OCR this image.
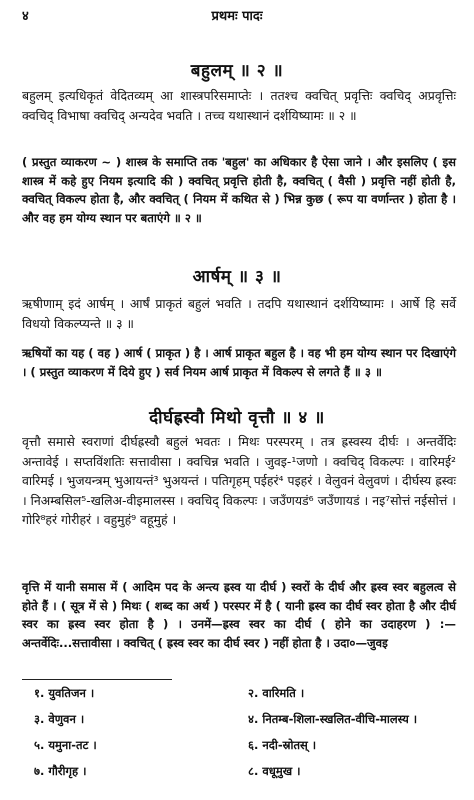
४	प्रथमः पादः
बहुलम् ॥ २ ॥
बहुलम् इत्यधिकृतं वेदितव्यम् आ शास्त्रपरिसमाप्तेः । ततश्च क्वचित् प्रवृत्तिः क्वचिद् अप्रवृत्तिः क्वचिद् विभाषा क्वचिद् अन्यदेव भवति । तच्च यथास्थानं दर्शयिष्यामः ॥ २ ॥
( प्रस्तुत व्याकरण ~ ) शास्त्र के समाप्ति तक 'बहुल' का अधिकार है ऐसा जाने । और इसलिए ( इस शास्त्र में कहे हुए नियम इत्यादि की ) क्वचित् प्रवृत्ति होती है, क्वचित् ( वैसी ) प्रवृत्ति नहीं होती है, क्वचित् विकल्प होता है, और क्वचित् ( नियम में कथित से ) भिन्न कुछ ( रूप या वर्णान्तर ) होता है । और वह हम योग्य स्थान पर बताएंगे ॥ २ ॥
आर्षम् ॥ ३ ॥
ऋषीणाम् इदं आर्षम् । आर्षं प्राकृतं बहुलं भवति । तदपि यथास्थानं दर्शयिष्यामः । आर्षे हि सर्वे विधयो विकल्प्यन्ते ॥ ३ ॥
ऋषियों का यह ( वह ) आर्ष ( प्राकृत ) है । आर्ष प्राकृत बहुल है । वह भी हम योग्य स्थान पर दिखाएंगे । ( प्रस्तुत व्याकरण में दिये हुए ) सर्व नियम आर्ष प्राकृत में विकल्प से लगते हैं ॥ ३ ॥
दीर्घह्रस्वौ मिथो वृत्तौ ॥ ४ ॥
वृत्तौ समासे स्वराणां दीर्घह्रस्वौ बहुलं भवतः । मिथः परस्परम् । तत्र ह्रस्वस्य दीर्घः । अन्तर्वेदिः अन्तावेई । सप्तविंशतिः सत्तावीसा । क्वचिन्न भवति । जुवइ-¹जणो । क्वचिद् विकल्पः । वारिमई² वारिमई । भुजयन्त्रम् भुआयन्तं³ भुअयन्तं । पतिगृहम् पईहरं⁴ पइहरं । वेलुवनं वेलुवणं । दीर्घस्य ह्रस्वः । निअम्बसिल⁵-खलिअ-वीइमालस्स । क्वचिद् विकल्पः । जउँणयडं⁶ जउँणायडं । नइ⁷सोत्तं नईसोत्तं । गोरि⁸हरं गोरीहरं । वहुमुहं⁹ वहूमुहं ।
वृत्ति में यानी समास में ( आदिम पद के अन्त्य ह्रस्व या दीर्घ ) स्वरों के दीर्घ और ह्रस्व स्वर बहुलत्व से होते हैं । ( सूत्र में से ) मिथः ( शब्द का अर्थ ) परस्पर में है ( यानी ह्रस्व का दीर्घ स्वर होता है और दीर्घ स्वर का ह्रस्व स्वर होता है ) । उनमें—ह्रस्व स्वर का दीर्घ ( होने का उदाहरण ) :—अन्तर्वेदिः...सत्तावीसा । क्वचित् ( ह्रस्व स्वर का दीर्घ स्वर ) नहीं होता है । उदा०—जुवइ
१. युवतिजन ।	२. वारिमति ।
३. वेणुवन ।	४. नितम्ब-शिला-स्खलित-वीचि-मालस्य ।
५. यमुना-तट ।	६. नदी-स्रोतस् ।
७. गौरीगृह ।	८. वधूमुख ।
